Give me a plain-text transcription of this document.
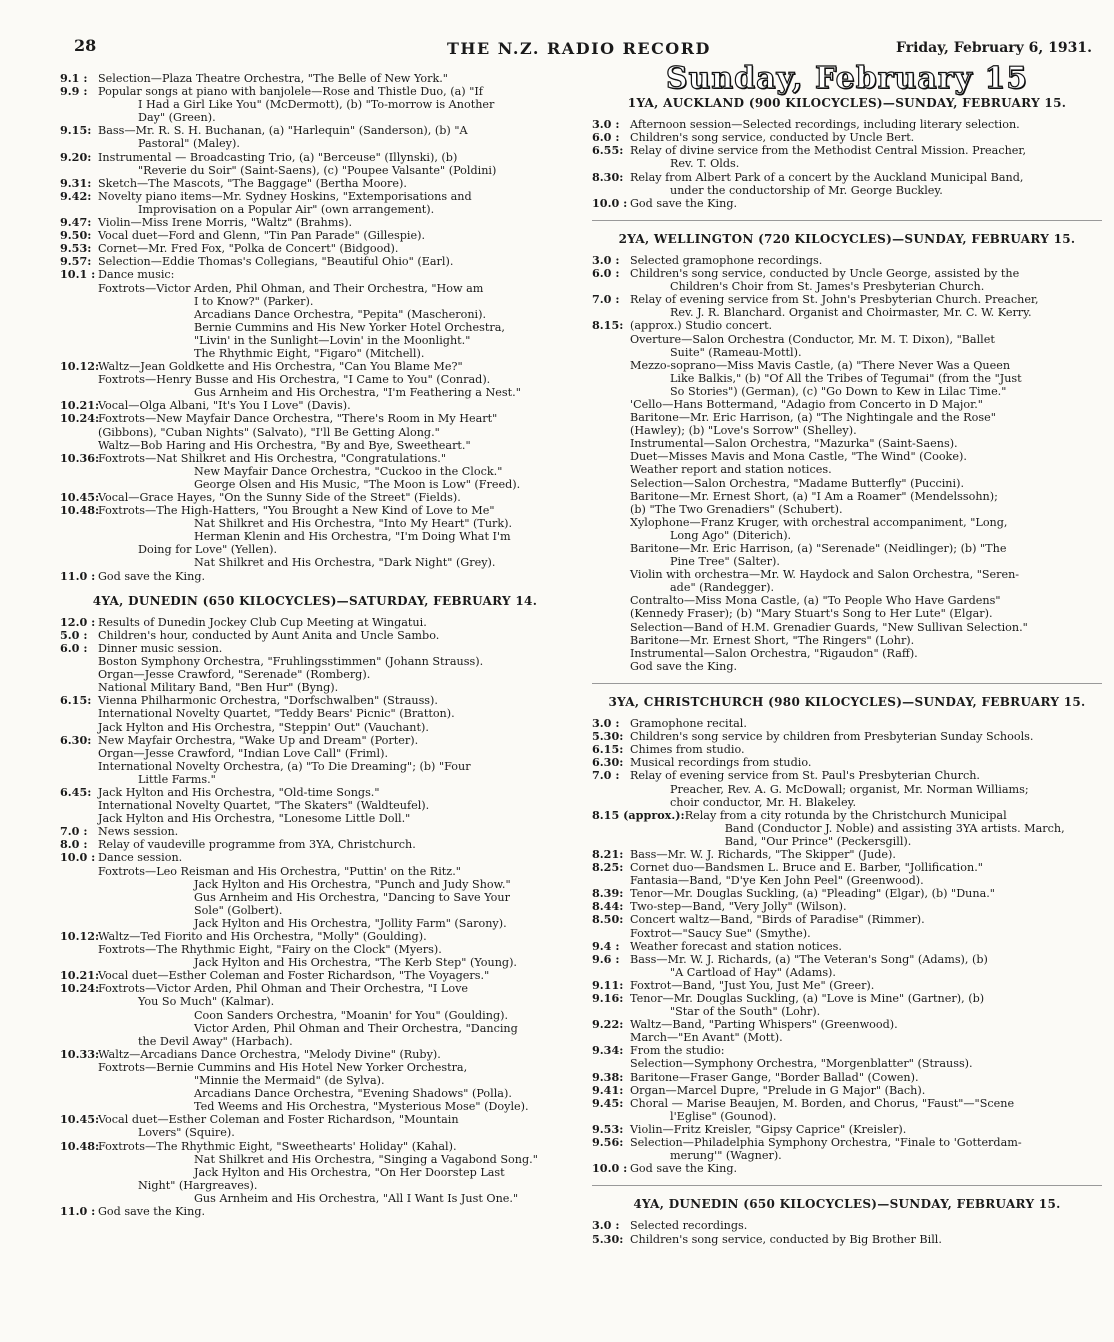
28	THE N.Z. RADIO RECORD	Friday, February 6, 1931.
9.1 : Selection—Plaza Theatre Orchestra, "The Belle of New York."
9.9 : Popular songs at piano with banjolele—Rose and Thistle Duo, (a) "If
I Had a Girl Like You" (McDermott), (b) "To-morrow is Another
Day" (Green).
9.15: Bass—Mr. R. S. H. Buchanan, (a) "Harlequin" (Sanderson), (b) "A
Pastoral" (Maley).
9.20: Instrumental — Broadcasting Trio, (a) "Berceuse" (Illynski), (b)
"Reverie du Soir" (Saint-Saens), (c) "Poupee Valsante" (Poldini)
9.31: Sketch—The Mascots, "The Baggage" (Bertha Moore).
9.42: Novelty piano items—Mr. Sydney Hoskins, "Extemporisations and
Improvisation on a Popular Air" (own arrangement).
9.47: Violin—Miss Irene Morris, "Waltz" (Brahms).
9.50: Vocal duet—Ford and Glenn, "Tin Pan Parade" (Gillespie).
9.53: Cornet—Mr. Fred Fox, "Polka de Concert" (Bidgood).
9.57: Selection—Eddie Thomas's Collegians, "Beautiful Ohio" (Earl).
10.1 : Dance music:
Foxtrots—Victor Arden, Phil Ohman, and Their Orchestra, "How am
I to Know?" (Parker).
Arcadians Dance Orchestra, "Pepita" (Mascheroni).
Bernie Cummins and His New Yorker Hotel Orchestra,
"Livin' in the Sunlight—Lovin' in the Moonlight."
The Rhythmic Eight, "Figaro" (Mitchell).
10.12:
Waltz—Jean Goldkette and His Orchestra, "Can You Blame Me?"
Foxtrots—Henry Busse and His Orchestra, "I Came to You" (Conrad).
Gus Arnheim and His Orchestra, "I'm Feathering a Nest."
10.21:
Vocal—Olga Albani, "It's You I Love" (Davis).
10.24:
Foxtrots—New Mayfair Dance Orchestra, "There's Room in My Heart"
(Gibbons), "Cuban Nights" (Salvato), "I'll Be Getting Along."
Waltz—Bob Haring and His Orchestra, "By and Bye, Sweetheart."
10.36:
Foxtrots—Nat Shilkret and His Orchestra, "Congratulations."
New Mayfair Dance Orchestra, "Cuckoo in the Clock."
George Olsen and His Music, "The Moon is Low" (Freed).
10.45:
Vocal—Grace Hayes, "On the Sunny Side of the Street" (Fields).
10.48:
Foxtrots—The High-Hatters, "You Brought a New Kind of Love to Me"
Nat Shilkret and His Orchestra, "Into My Heart" (Turk).
Herman Klenin and His Orchestra, "I'm Doing What I'm
Doing for Love" (Yellen).
Nat Shilkret and His Orchestra, "Dark Night" (Grey).
11.0 : God save the King.
4YA, DUNEDIN (650 KILOCYCLES)—SATURDAY, FEBRUARY 14.
12.0 : Results of Dunedin Jockey Club Cup Meeting at Wingatui.
5.0 : Children's hour, conducted by Aunt Anita and Uncle Sambo.
6.0 : Dinner music session.
Boston Symphony Orchestra, "Fruhlingsstimmen" (Johann Strauss).
Organ—Jesse Crawford, "Serenade" (Romberg).
National Military Band, "Ben Hur" (Byng).
6.15: Vienna Philharmonic Orchestra, "Dorfschwalben" (Strauss).
International Novelty Quartet, "Teddy Bears' Picnic" (Bratton).
Jack Hylton and His Orchestra, "Steppin' Out" (Vauchant).
6.30: New Mayfair Orchestra, "Wake Up and Dream" (Porter).
Organ—Jesse Crawford, "Indian Love Call" (Friml).
International Novelty Orchestra, (a) "To Die Dreaming"; (b) "Four
Little Farms."
6.45: Jack Hylton and His Orchestra, "Old-time Songs."
International Novelty Quartet, "The Skaters" (Waldteufel).
Jack Hylton and His Orchestra, "Lonesome Little Doll."
7.0 : News session.
8.0 : Relay of vaudeville programme from 3YA, Christchurch.
10.0 : Dance session.
Foxtrots—Leo Reisman and His Orchestra, "Puttin' on the Ritz."
Jack Hylton and His Orchestra, "Punch and Judy Show."
Gus Arnheim and His Orchestra, "Dancing to Save Your
Sole" (Golbert).
Jack Hylton and His Orchestra, "Jollity Farm" (Sarony).
10.12:
Waltz—Ted Fiorito and His Orchestra, "Molly" (Goulding).
Foxtrots—The Rhythmic Eight, "Fairy on the Clock" (Myers).
Jack Hylton and His Orchestra, "The Kerb Step" (Young).
10.21:
Vocal duet—Esther Coleman and Foster Richardson, "The Voyagers."
10.24:
Foxtrots—Victor Arden, Phil Ohman and Their Orchestra, "I Love
You So Much" (Kalmar).
Coon Sanders Orchestra, "Moanin' for You" (Goulding).
Victor Arden, Phil Ohman and Their Orchestra, "Dancing
the Devil Away" (Harbach).
10.33:
Waltz—Arcadians Dance Orchestra, "Melody Divine" (Ruby).
Foxtrots—Bernie Cummins and His Hotel New Yorker Orchestra,
"Minnie the Mermaid" (de Sylva).
Arcadians Dance Orchestra, "Evening Shadows" (Polla).
Ted Weems and His Orchestra, "Mysterious Mose" (Doyle).
10.45:
Vocal duet—Esther Coleman and Foster Richardson, "Mountain
Lovers" (Squire).
10.48:
Foxtrots—The Rhythmic Eight, "Sweethearts' Holiday" (Kahal).
Nat Shilkret and His Orchestra, "Singing a Vagabond Song."
Jack Hylton and His Orchestra, "On Her Doorstep Last
Night" (Hargreaves).
Gus Arnheim and His Orchestra, "All I Want Is Just One."
11.0 : God save the King.
Sunday, February 15
1YA, AUCKLAND (900 KILOCYCLES)—SUNDAY, FEBRUARY 15.
3.0 : Afternoon session—Selected recordings, including literary selection.
6.0 : Children's song service, conducted by Uncle Bert.
6.55: Relay of divine service from the Methodist Central Mission. Preacher,
Rev. T. Olds.
8.30: Relay from Albert Park of a concert by the Auckland Municipal Band,
under the conductorship of Mr. George Buckley.
10.0 : God save the King.
2YA, WELLINGTON (720 KILOCYCLES)—SUNDAY, FEBRUARY 15.
3.0 : Selected gramophone recordings.
6.0 : Children's song service, conducted by Uncle George, assisted by the
Children's Choir from St. James's Presbyterian Church.
7.0 : Relay of evening service from St. John's Presbyterian Church. Preacher,
Rev. J. R. Blanchard. Organist and Choirmaster, Mr. C. W. Kerry.
8.15: (approx.) Studio concert.
Overture—Salon Orchestra (Conductor, Mr. M. T. Dixon), "Ballet
Suite" (Rameau-Mottl).
Mezzo-soprano—Miss Mavis Castle, (a) "There Never Was a Queen
Like Balkis," (b) "Of All the Tribes of Tegumai" (from the "Just
So Stories") (German), (c) "Go Down to Kew in Lilac Time."
'Cello—Hans Bottermand, "Adagio from Concerto in D Major."
Baritone—Mr. Eric Harrison, (a) "The Nightingale and the Rose"
(Hawley); (b) "Love's Sorrow" (Shelley).
Instrumental—Salon Orchestra, "Mazurka" (Saint-Saens).
Duet—Misses Mavis and Mona Castle, "The Wind" (Cooke).
Weather report and station notices.
Selection—Salon Orchestra, "Madame Butterfly" (Puccini).
Baritone—Mr. Ernest Short, (a) "I Am a Roamer" (Mendelssohn);
(b) "The Two Grenadiers" (Schubert).
Xylophone—Franz Kruger, with orchestral accompaniment, "Long,
Long Ago" (Diterich).
Baritone—Mr. Eric Harrison, (a) "Serenade" (Neidlinger); (b) "The
Pine Tree" (Salter).
Violin with orchestra—Mr. W. Haydock and Salon Orchestra, "Seren-
ade" (Randegger).
Contralto—Miss Mona Castle, (a) "To People Who Have Gardens"
(Kennedy Fraser); (b) "Mary Stuart's Song to Her Lute" (Elgar).
Selection—Band of H.M. Grenadier Guards, "New Sullivan Selection."
Baritone—Mr. Ernest Short, "The Ringers" (Lohr).
Instrumental—Salon Orchestra, "Rigaudon" (Raff).
God save the King.
3YA, CHRISTCHURCH (980 KILOCYCLES)—SUNDAY, FEBRUARY 15.
3.0 : Gramophone recital.
5.30: Children's song service by children from Presbyterian Sunday Schools.
6.15: Chimes from studio.
6.30: Musical recordings from studio.
7.0 : Relay of evening service from St. Paul's Presbyterian Church.
Preacher, Rev. A. G. McDowall; organist, Mr. Norman Williams;
choir conductor, Mr. H. Blakeley.
8.15 (approx.): Relay from a city rotunda by the Christchurch Municipal
Band (Conductor J. Noble) and assisting 3YA artists. March,
Band, "Our Prince" (Peckersgill).
8.21: Bass—Mr. W. J. Richards, "The Skipper" (Jude).
8.25: Cornet duo—Bandsmen L. Bruce and E. Barber, "Jollification."
Fantasia—Band, "D'ye Ken John Peel" (Greenwood).
8.39: Tenor—Mr. Douglas Suckling, (a) "Pleading" (Elgar), (b) "Duna."
8.44: Two-step—Band, "Very Jolly" (Wilson).
8.50: Concert waltz—Band, "Birds of Paradise" (Rimmer).
Foxtrot—"Saucy Sue" (Smythe).
9.4 : Weather forecast and station notices.
9.6 : Bass—Mr. W. J. Richards, (a) "The Veteran's Song" (Adams), (b)
"A Cartload of Hay" (Adams).
9.11: Foxtrot—Band, "Just You, Just Me" (Greer).
9.16: Tenor—Mr. Douglas Suckling, (a) "Love is Mine" (Gartner), (b)
"Star of the South" (Lohr).
9.22: Waltz—Band, "Parting Whispers" (Greenwood).
March—"En Avant" (Mott).
9.34: From the studio:
Selection—Symphony Orchestra, "Morgenblatter" (Strauss).
9.38: Baritone—Fraser Gange, "Border Ballad" (Cowen).
9.41: Organ—Marcel Dupre, "Prelude in G Major" (Bach).
9.45: Choral — Marise Beaujen, M. Borden, and Chorus, "Faust"—"Scene
l'Eglise" (Gounod).
9.53: Violin—Fritz Kreisler, "Gipsy Caprice" (Kreisler).
9.56: Selection—Philadelphia Symphony Orchestra, "Finale to 'Gotterdam-
merung'" (Wagner).
10.0 : God save the King.
4YA, DUNEDIN (650 KILOCYCLES)—SUNDAY, FEBRUARY 15.
3.0 : Selected recordings.
5.30: Children's song service, conducted by Big Brother Bill.
